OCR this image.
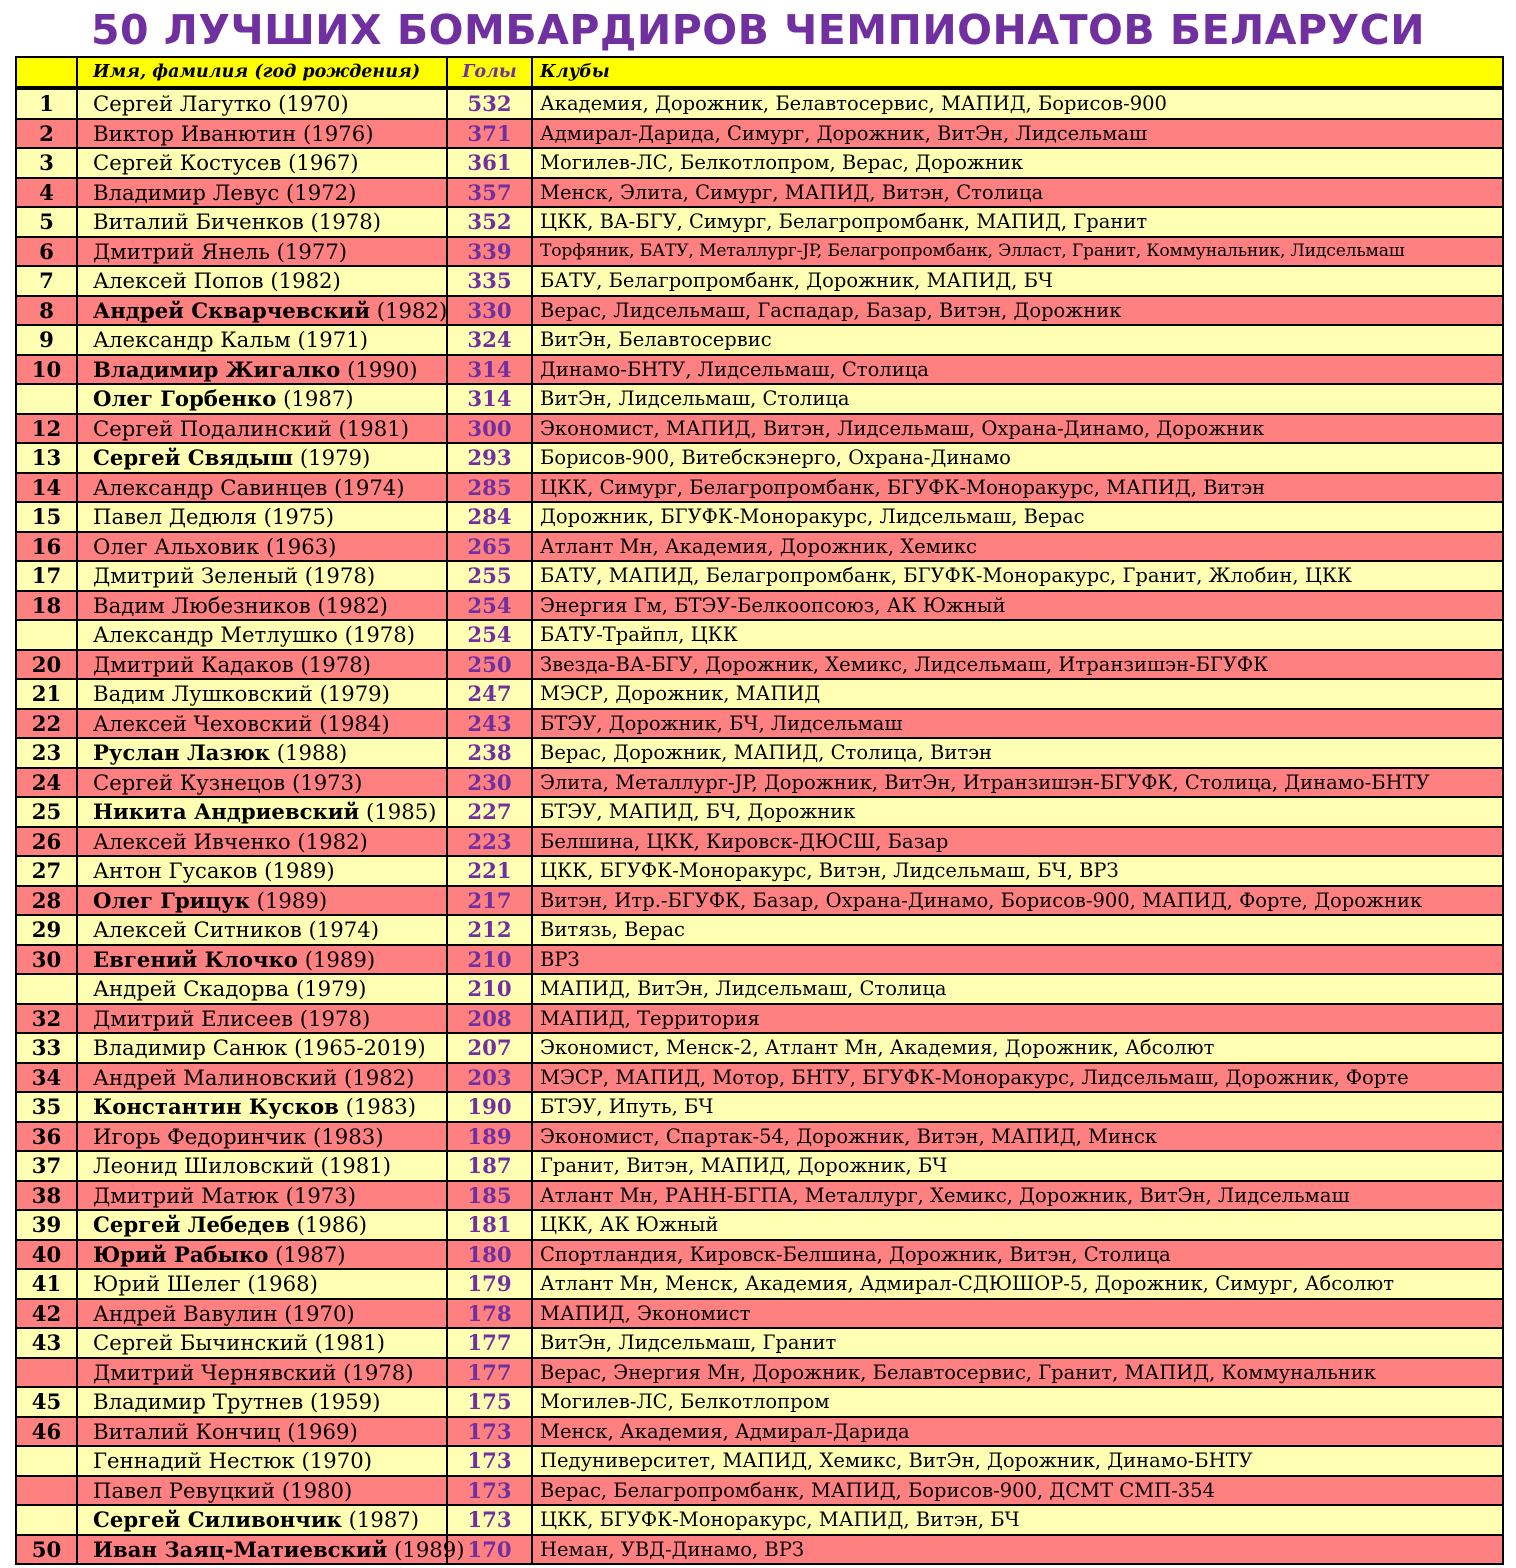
50 ЛУЧШИХ БОМБАРДИРОВ ЧЕМПИОНАТОВ БЕЛАРУСИ
	Имя, фамилия (год рождения)	Голы	Клубы
1	Сергей Лагутко (1970)	532	Академия, Дорожник, Белавтосервис, МАПИД, Борисов-900
2	Виктор Иванютин (1976)	371	Адмирал-Дарида, Симург, Дорожник, ВитЭн, Лидсельмаш
3	Сергей Костусев (1967)	361	Могилев-ЛС, Белкотлопром, Верас, Дорожник
4	Владимир Левус (1972)	357	Менск, Элита, Симург, МАПИД, Витэн, Столица
5	Виталий Биченков (1978)	352	ЦКК, ВА-БГУ, Симург, Белагропромбанк, МАПИД, Гранит
6	Дмитрий Янель (1977)	339	Торфяник, БАТУ, Металлург-JP, Белагропромбанк, Элласт, Гранит, Коммунальник, Лидсельмаш
7	Алексей Попов (1982)	335	БАТУ, Белагропромбанк, Дорожник, МАПИД, БЧ
8	Андрей Скварчевский (1982)	330	Верас, Лидсельмаш, Гаспадар, Базар, Витэн, Дорожник
9	Александр Кальм (1971)	324	ВитЭн, Белавтосервис
10	Владимир Жигалко (1990)	314	Динамо-БНТУ, Лидсельмаш, Столица
	Олег Горбенко (1987)	314	ВитЭн, Лидсельмаш, Столица
12	Сергей Подалинский (1981)	300	Экономист, МАПИД, Витэн, Лидсельмаш, Охрана-Динамо, Дорожник
13	Сергей Свядыш (1979)	293	Борисов-900, Витебскэнерго, Охрана-Динамо
14	Александр Савинцев (1974)	285	ЦКК, Симург, Белагропромбанк, БГУФК-Моноракурс, МАПИД, Витэн
15	Павел Дедюля (1975)	284	Дорожник, БГУФК-Моноракурс, Лидсельмаш, Верас
16	Олег Альховик (1963)	265	Атлант Мн, Академия, Дорожник, Хемикс
17	Дмитрий Зеленый (1978)	255	БАТУ, МАПИД, Белагропромбанк, БГУФК-Моноракурс, Гранит, Жлобин, ЦКК
18	Вадим Любезников (1982)	254	Энергия Гм, БТЭУ-Белкоопсоюз, АК Южный
	Александр Метлушко (1978)	254	БАТУ-Трайпл, ЦКК
20	Дмитрий Кадаков (1978)	250	Звезда-ВА-БГУ, Дорожник, Хемикс, Лидсельмаш, Итранзишэн-БГУФК
21	Вадим Лушковский (1979)	247	МЭСР, Дорожник, МАПИД
22	Алексей Чеховский (1984)	243	БТЭУ, Дорожник, БЧ, Лидсельмаш
23	Руслан Лазюк (1988)	238	Верас, Дорожник, МАПИД, Столица, Витэн
24	Сергей Кузнецов (1973)	230	Элита, Металлург-JP, Дорожник, ВитЭн, Итранзишэн-БГУФК, Столица, Динамо-БНТУ
25	Никита Андриевский (1985)	227	БТЭУ, МАПИД, БЧ, Дорожник
26	Алексей Ивченко (1982)	223	Белшина, ЦКК, Кировск-ДЮСШ, Базар
27	Антон Гусаков (1989)	221	ЦКК, БГУФК-Моноракурс, Витэн, Лидсельмаш, БЧ, ВРЗ
28	Олег Грицук (1989)	217	Витэн, Итр.-БГУФК, Базар, Охрана-Динамо, Борисов-900, МАПИД, Форте, Дорожник
29	Алексей Ситников (1974)	212	Витязь, Верас
30	Евгений Клочко (1989)	210	ВРЗ
	Андрей Скадорва (1979)	210	МАПИД, ВитЭн, Лидсельмаш, Столица
32	Дмитрий Елисеев (1978)	208	МАПИД, Территория
33	Владимир Санюк (1965-2019)	207	Экономист, Менск-2, Атлант Мн, Академия, Дорожник, Абсолют
34	Андрей Малиновский (1982)	203	МЭСР, МАПИД, Мотор, БНТУ, БГУФК-Моноракурс, Лидсельмаш, Дорожник, Форте
35	Константин Кусков (1983)	190	БТЭУ, Ипуть, БЧ
36	Игорь Федоринчик (1983)	189	Экономист, Спартак-54, Дорожник, Витэн, МАПИД, Минск
37	Леонид Шиловский (1981)	187	Гранит, Витэн, МАПИД, Дорожник, БЧ
38	Дмитрий Матюк (1973)	185	Атлант Мн, РАНН-БГПА, Металлург, Хемикс, Дорожник, ВитЭн, Лидсельмаш
39	Сергей Лебедев (1986)	181	ЦКК, АК Южный
40	Юрий Рабыко (1987)	180	Спортландия, Кировск-Белшина, Дорожник, Витэн, Столица
41	Юрий Шелег (1968)	179	Атлант Мн, Менск, Академия, Адмирал-СДЮШОР-5, Дорожник, Симург, Абсолют
42	Андрей Вавулин (1970)	178	МАПИД, Экономист
43	Сергей Бычинский (1981)	177	ВитЭн, Лидсельмаш, Гранит
	Дмитрий Чернявский (1978)	177	Верас, Энергия Мн, Дорожник, Белавтосервис, Гранит, МАПИД, Коммунальник
45	Владимир Трутнев (1959)	175	Могилев-ЛС, Белкотлопром
46	Виталий Кончиц (1969)	173	Менск, Академия, Адмирал-Дарида
	Геннадий Нестюк (1970)	173	Педуниверситет, МАПИД, Хемикс, ВитЭн, Дорожник, Динамо-БНТУ
	Павел Ревуцкий (1980)	173	Верас, Белагропромбанк, МАПИД, Борисов-900, ДСМТ СМП-354
	Сергей Силивончик (1987)	173	ЦКК, БГУФК-Моноракурс, МАПИД, Витэн, БЧ
50	Иван Заяц-Матиевский (1989)	170	Неман, УВД-Динамо, ВРЗ
